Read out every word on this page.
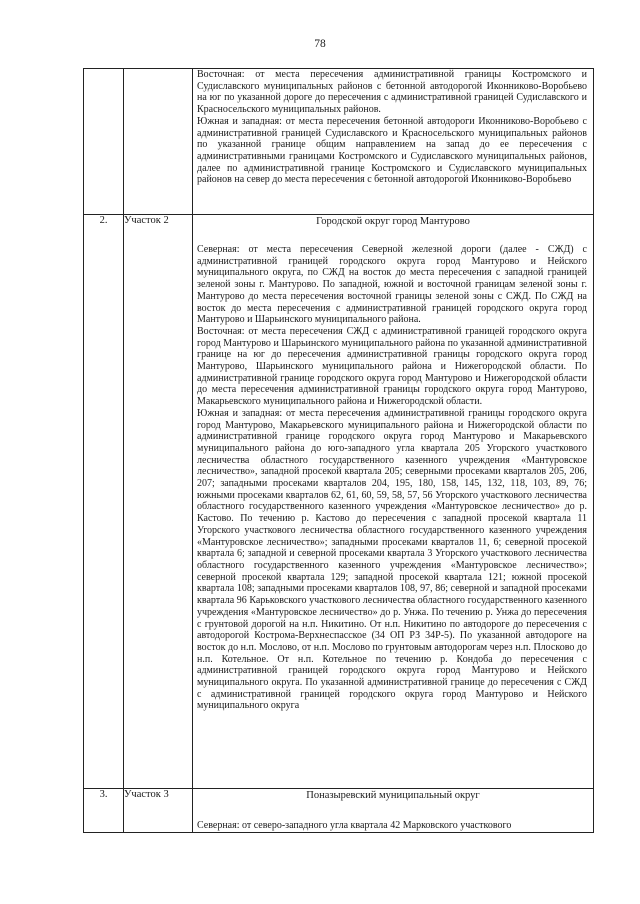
78

		Восточная: от места пересечения административной границы Костромского и Судиславского муниципальных районов с бетонной автодорогой Иконниково-Воробьево на юг по указанной дороге до пересечения с административной границей Судиславского и Красносельского муниципальных районов.

Южная и западная: от места пересечения бетонной автодороги Иконниково-Воробьево с административной границей Судиславского и Красносельского муниципальных районов по указанной границе общим направлением на запад до ее пересечения с административными границами Костромского и Судиславского муниципальных районов, далее по административной границе Костромского и Судиславского муниципальных районов на север до места пересечения с бетонной автодорогой Иконниково-Воробьево

2.	Участок 2	Городской округ город Мантурово

Северная: от места пересечения Северной железной дороги (далее - СЖД) с административной границей городского округа город Мантурово и Нейского муниципального округа, по СЖД на восток до места пересечения с западной границей зеленой зоны г. Мантурово. По западной, южной и восточной границам зеленой зоны г. Мантурово до места пересечения восточной границы зеленой зоны с СЖД. По СЖД на восток до места пересечения с административной границей городского округа город Мантурово и Шарьинского муниципального района.

Восточная: от места пересечения СЖД с административной границей городского округа город Мантурово и Шарьинского муниципального района по указанной административной границе на юг до пересечения административной границы городского округа город Мантурово, Шарьинского муниципального района и Нижегородской области. По административной границе городского округа город Мантурово и Нижегородской области до места пересечения административной границы городского округа город Мантурово, Макарьевского муниципального района и Нижегородской области.

Южная и западная: от места пересечения административной границы городского округа город Мантурово, Макарьевского муниципального района и Нижегородской области по административной границе городского округа город Мантурово и Макарьевского муниципального района до юго-западного угла квартала 205 Угорского участкового лесничества областного государственного казенного учреждения «Мантуровское лесничество», западной просекой квартала 205; северными просеками кварталов 205, 206, 207; западными просеками кварталов 204, 195, 180, 158, 145, 132, 118, 103, 89, 76; южными просеками кварталов 62, 61, 60, 59, 58, 57, 56 Угорского участкового лесничества областного государственного казенного учреждения «Мантуровское лесничество» до р. Кастово. По течению р. Кастово до пересечения с западной просекой квартала 11 Угорского участкового лесничества областного государственного казенного учреждения «Мантуровское лесничество»; западными просеками кварталов 11, 6; северной просекой квартала 6; западной и северной просеками квартала 3 Угорского участкового лесничества областного государственного казенного учреждения «Мантуровское лесничество»; северной просекой квартала 129; западной просекой квартала 121; южной просекой квартала 108; западными просеками кварталов 108, 97, 86; северной и западной просеками квартала 96 Карьковского участкового лесничества областного государственного казенного учреждения «Мантуровское лесничество» до р. Унжа. По течению р. Унжа до пересечения с грунтовой дорогой на н.п. Никитино. От н.п. Никитино по автодороге до пересечения с автодорогой Кострома-Верхнеспасское (34 ОП РЗ 34Р-5). По указанной автодороге на восток до н.п. Мослово, от н.п. Мослово по грунтовым автодорогам через н.п. Плосково до н.п. Котельное. От н.п. Котельное по течению р. Кондоба до пересечения с административной границей городского округа город Мантурово и Нейского муниципального округа. По указанной административной границе до пересечения с СЖД с административной границей городского округа город Мантурово и Нейского муниципального округа

3.	Участок 3	Поназыревский муниципальный округ

Северная: от северо-западного угла квартала 42 Марковского участкового
